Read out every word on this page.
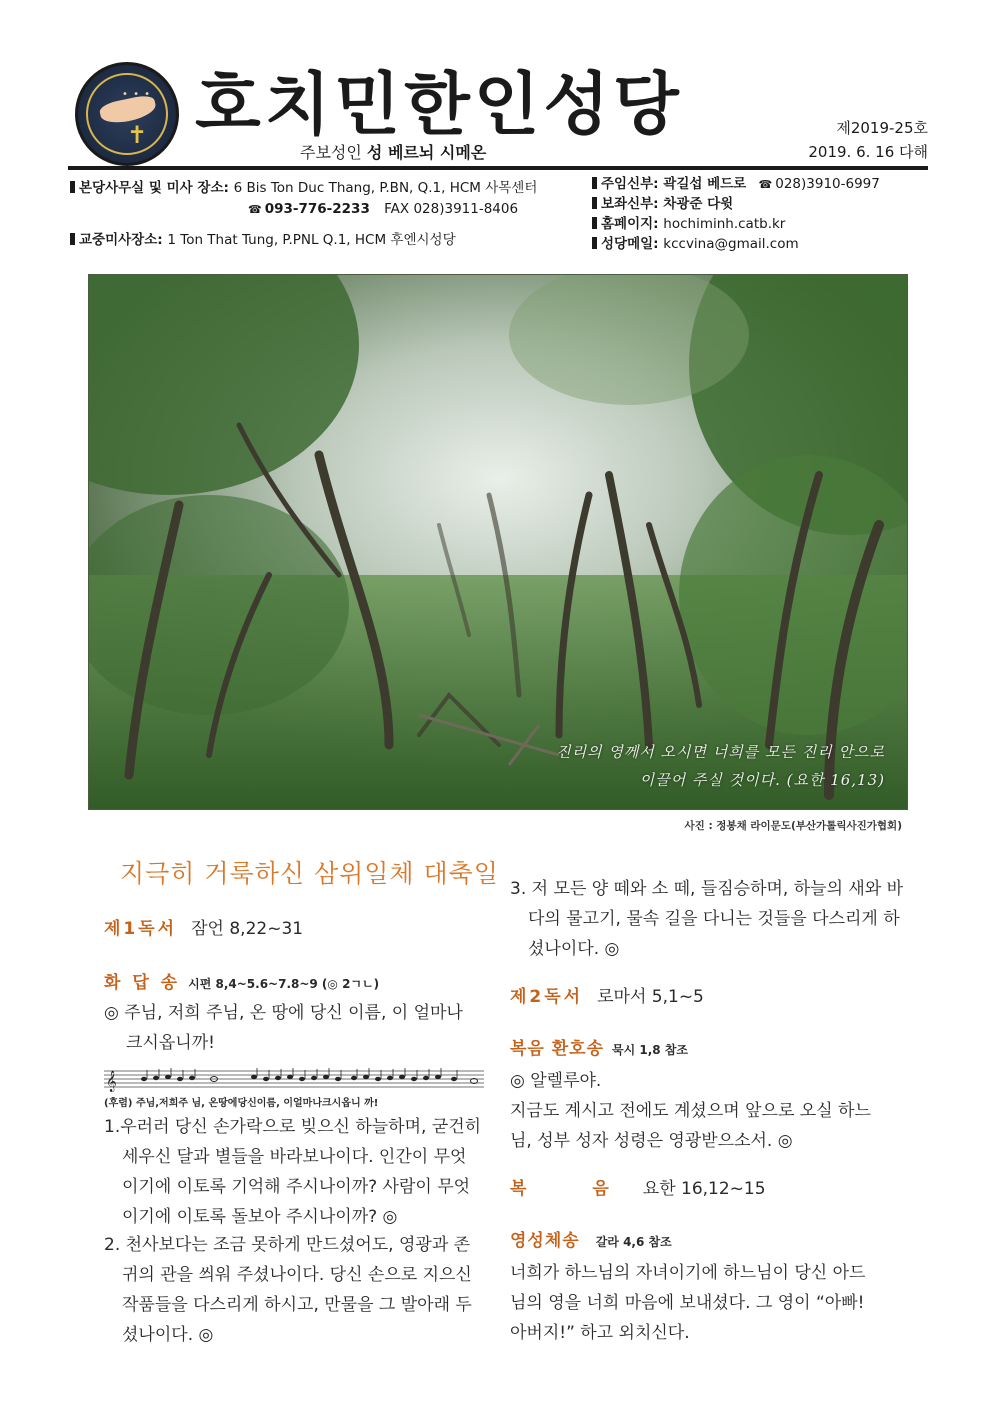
✝
• • • 호치민한인성당
주보성인 성 베르뇌 시메온
제2019-25호
2019. 6. 16 다해
본당사무실 및 미사 장소: 6 Bis Ton Duc Thang, P.BN, Q.1, HCM 사목센터
☎ 093-776-2233 FAX 028)3911-8406
교중미사장소: 1 Ton That Tung, P.PNL Q.1, HCM 후엔시성당
주임신부: 곽길섭 베드로 ☎ 028)3910-6997
보좌신부: 차광준 다윗
홈페이지: hochiminh.catb.kr
성당메일: kccvina@gmail.com
진리의 영께서 오시면 너희를 모든 진리 안으로
이끌어 주실 것이다. (요한 16,13)
사진 : 정봉채 라이문도(부산가톨릭사진가협회)
지극히 거룩하신 삼위일체 대축일
제1독서 잠언 8,22~31
화 답 송 시편 8,4~5.6~7.8~9 (◎ 2ㄱㄴ)
◎ 주님, 저희 주님, 온 땅에 당신 이름, 이 얼마나
크시옵니까!
𝄞
(후렴) 주님,저희주 님, 온땅에당신이름, 이얼마나크시옵니 까!
1.우러러 당신 손가락으로 빚으신 하늘하며, 굳건히
세우신 달과 별들을 바라보나이다. 인간이 무엇
이기에 이토록 기억해 주시나이까? 사람이 무엇
이기에 이토록 돌보아 주시나이까? ◎
2. 천사보다는 조금 못하게 만드셨어도, 영광과 존
귀의 관을 씌워 주셨나이다. 당신 손으로 지으신
작품들을 다스리게 하시고, 만물을 그 발아래 두
셨나이다. ◎
3. 저 모든 양 떼와 소 떼, 들짐승하며, 하늘의 새와 바
다의 물고기, 물속 길을 다니는 것들을 다스리게 하
셨나이다. ◎
제2독서 로마서 5,1~5
복음 환호송 묵시 1,8 참조
◎ 알렐루야.
지금도 계시고 전에도 계셨으며 앞으로 오실 하느
님, 성부 성자 성령은 영광받으소서. ◎
복 음 요한 16,12~15
영성체송 갈라 4,6 참조
너희가 하느님의 자녀이기에 하느님이 당신 아드
님의 영을 너희 마음에 보내셨다. 그 영이 “아빠!
아버지!” 하고 외치신다.
